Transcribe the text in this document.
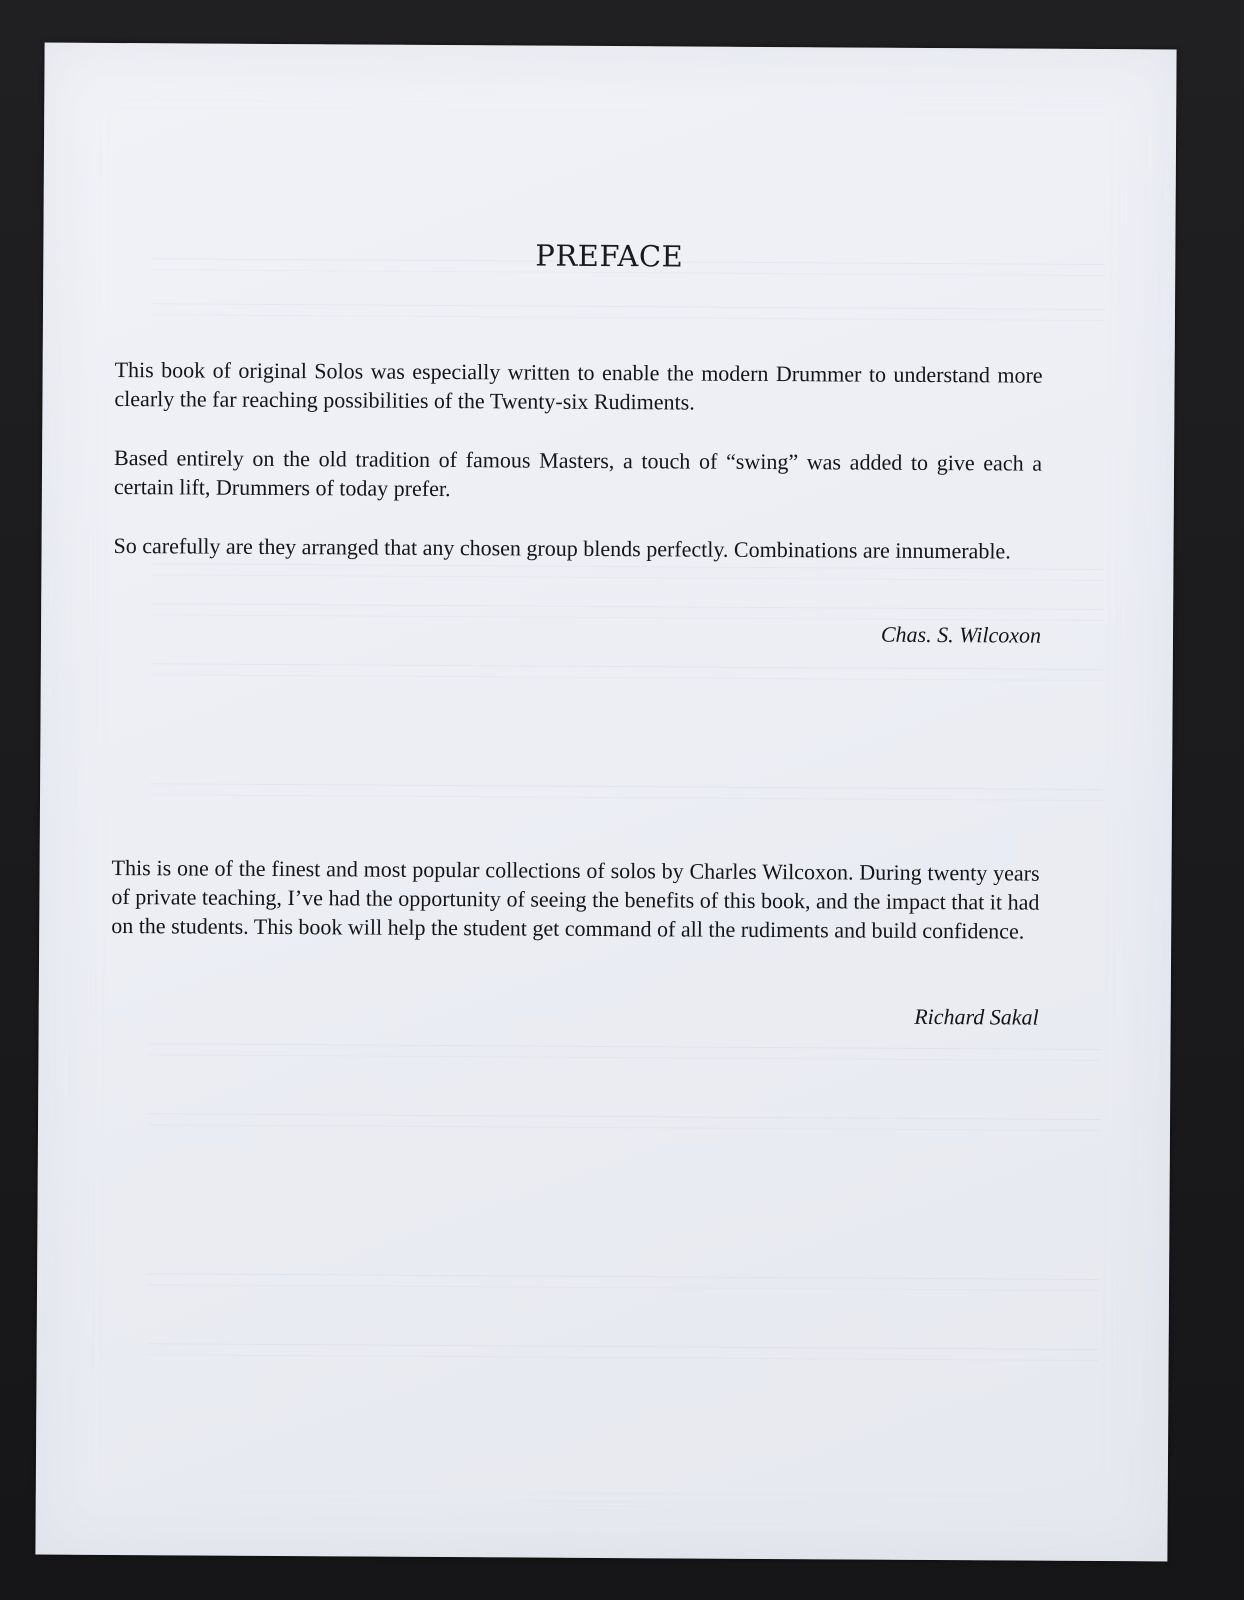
PREFACE

This book of original Solos was especially written to enable the modern Drummer to understand more clearly the far reaching possibilities of the Twenty-six Rudiments.

Based entirely on the old tradition of famous Masters, a touch of “swing” was added to give each a certain lift, Drummers of today prefer.

So carefully are they arranged that any chosen group blends perfectly. Combinations are innumerable.

Chas. S. Wilcoxon

This is one of the finest and most popular collections of solos by Charles Wilcoxon. During twenty years of private teaching, I’ve had the opportunity of seeing the benefits of this book, and the impact that it had on the students. This book will help the student get command of all the rudiments and build confidence.

Richard Sakal
